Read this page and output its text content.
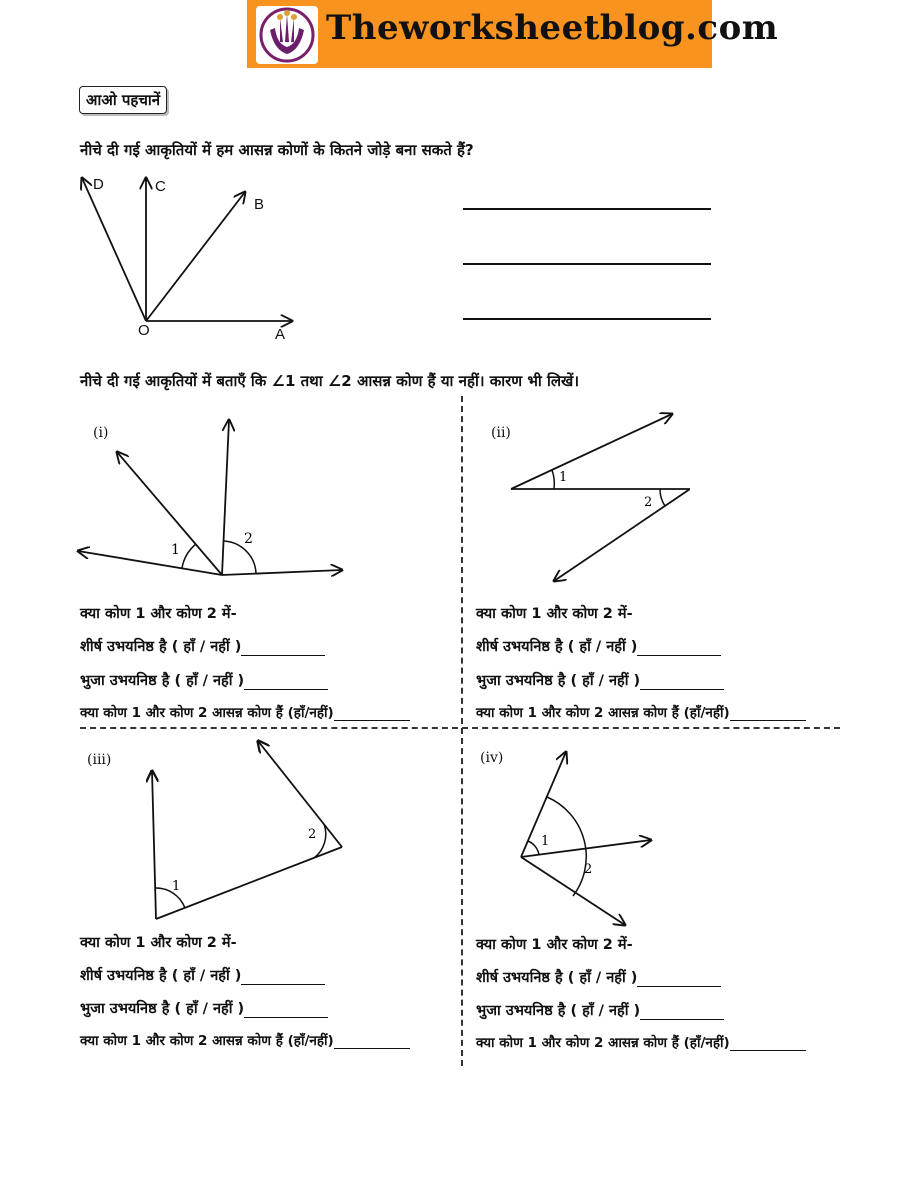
Theworksheetblog.com
आओ पहचानें
नीचे दी गई आकृतियों में हम आसन्न कोणों के कितने जोड़े बना सकते हैं?
D	C
B
O	A
नीचे दी गई आकृतियों में बताएँ कि ∠1 तथा ∠2 आसन्न कोण हैं या नहीं। कारण भी लिखें।
(i)
1
2
(ii)
1
2
(iii)
1
2
(iv)
1
2
क्या कोण 1 और कोण 2 में-
शीर्ष उभयनिष्ठ है ( हाँ / नहीं )
भुजा उभयनिष्ठ है ( हाँ / नहीं )
क्या कोण 1 और कोण 2 आसन्न कोण हैं (हाँ/नहीं)
क्या कोण 1 और कोण 2 में-
शीर्ष उभयनिष्ठ है ( हाँ / नहीं )
भुजा उभयनिष्ठ है ( हाँ / नहीं )
क्या कोण 1 और कोण 2 आसन्न कोण हैं (हाँ/नहीं)
क्या कोण 1 और कोण 2 में-
शीर्ष उभयनिष्ठ है ( हाँ / नहीं )
भुजा उभयनिष्ठ है ( हाँ / नहीं )
क्या कोण 1 और कोण 2 आसन्न कोण हैं (हाँ/नहीं)
क्या कोण 1 और कोण 2 में-
शीर्ष उभयनिष्ठ है ( हाँ / नहीं )
भुजा उभयनिष्ठ है ( हाँ / नहीं )
क्या कोण 1 और कोण 2 आसन्न कोण हैं (हाँ/नहीं)
